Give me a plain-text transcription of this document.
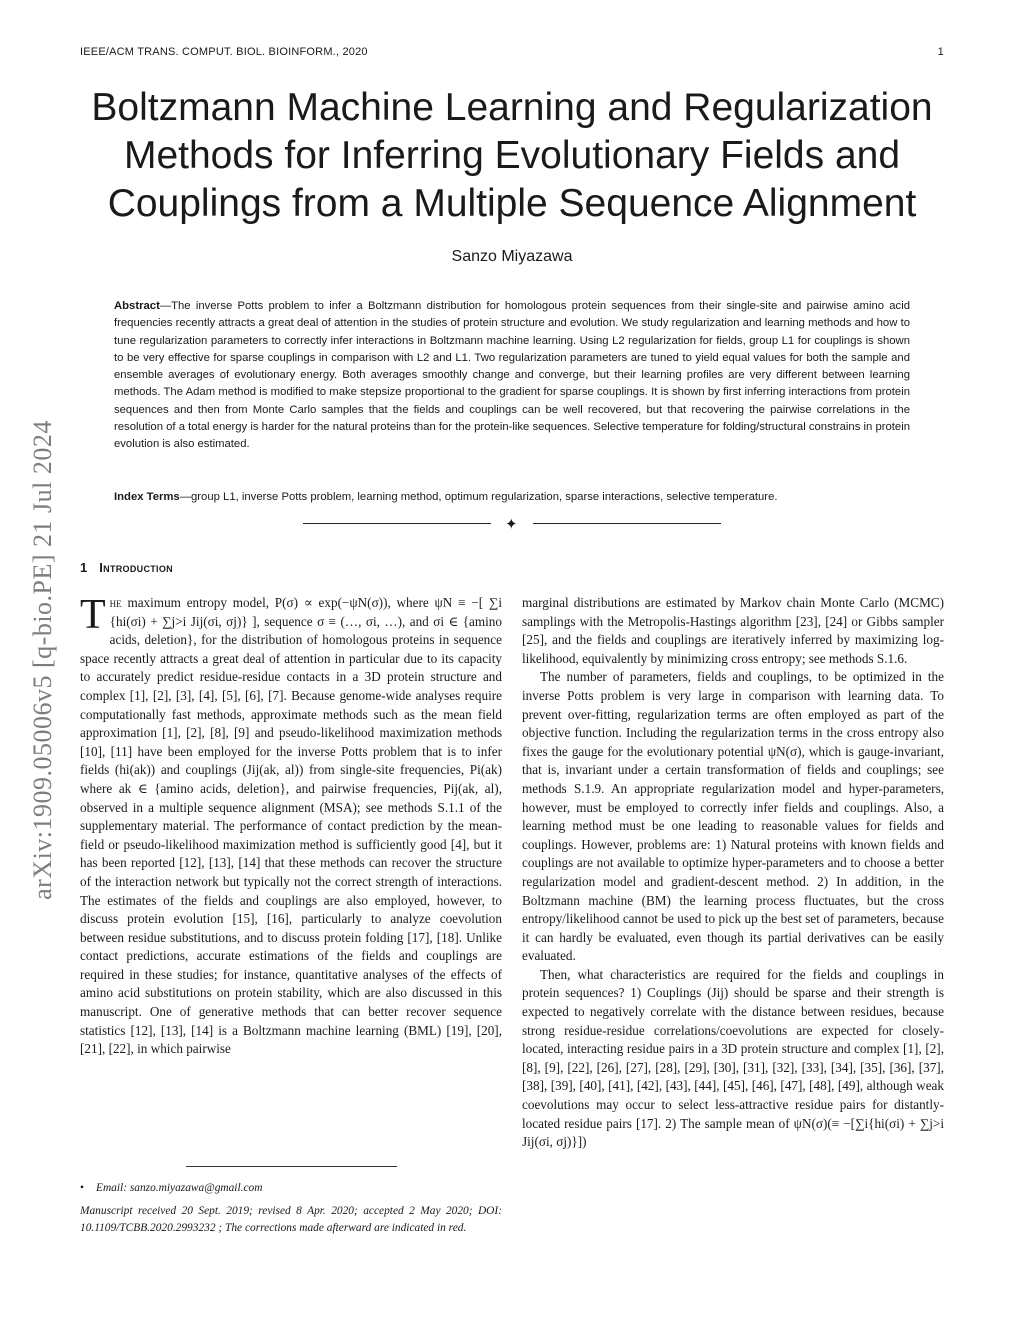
IEEE/ACM TRANS. COMPUT. BIOL. BIOINFORM., 2020	1
Boltzmann Machine Learning and Regularization
Methods for Inferring Evolutionary Fields and
Couplings from a Multiple Sequence Alignment
Sanzo Miyazawa
Abstract—The inverse Potts problem to infer a Boltzmann distribution for homologous protein sequences from their single-site and pairwise amino acid frequencies recently attracts a great deal of attention in the studies of protein structure and evolution. We study regularization and learning methods and how to tune regularization parameters to correctly infer interactions in Boltzmann machine learning. Using L2 regularization for fields, group L1 for couplings is shown to be very effective for sparse couplings in comparison with L2 and L1. Two regularization parameters are tuned to yield equal values for both the sample and ensemble averages of evolutionary energy. Both averages smoothly change and converge, but their learning profiles are very different between learning methods. The Adam method is modified to make stepsize proportional to the gradient for sparse couplings. It is shown by first inferring interactions from protein sequences and then from Monte Carlo samples that the fields and couplings can be well recovered, but that recovering the pairwise correlations in the resolution of a total energy is harder for the natural proteins than for the protein-like sequences. Selective temperature for folding/structural constrains in protein evolution is also estimated.
Index Terms—group L1, inverse Potts problem, learning method, optimum regularization, sparse interactions, selective temperature.
✦
arXiv:1909.05006v5 [q-bio.PE] 21 Jul 2024 1 Introduction

The maximum entropy model, P(σ) ∝ exp(−ψN(σ)), where ψN ≡ −[ ∑i {hi(σi) + ∑j>i Jij(σi, σj)} ], sequence σ ≡ (…, σi, …), and σi ∈ {amino acids, deletion}, for the distribution of homologous proteins in sequence space recently attracts a great deal of attention in particular due to its capacity to accurately predict residue-residue contacts in a 3D protein structure and complex [1], [2], [3], [4], [5], [6], [7]. Because genome-wide analyses require computationally fast methods, approximate methods such as the mean field approximation [1], [2], [8], [9] and pseudo-likelihood maximization methods [10], [11] have been employed for the inverse Potts problem that is to infer fields (hi(ak)) and couplings (Jij(ak, al)) from single-site frequencies, Pi(ak) where ak ∈ {amino acids, deletion}, and pairwise frequencies, Pij(ak, al), observed in a multiple sequence alignment (MSA); see methods S.1.1 of the supplementary material. The performance of contact prediction by the mean-field or pseudo-likelihood maximization method is sufficiently good [4], but it has been reported [12], [13], [14] that these methods can recover the structure of the interaction network but typically not the correct strength of interactions. The estimates of the fields and couplings are also employed, however, to discuss protein evolution [15], [16], particularly to analyze coevolution between residue substitutions, and to discuss protein folding [17], [18]. Unlike contact predictions, accurate estimations of the fields and couplings are required in these studies; for instance, quantitative analyses of the effects of amino acid substitutions on protein stability, which are also discussed in this manuscript. One of generative methods that can better recover sequence statistics [12], [13], [14] is a Boltzmann machine learning (BML) [19], [20], [21], [22], in which pairwise

marginal distributions are estimated by Markov chain Monte Carlo (MCMC) samplings with the Metropolis-Hastings algorithm [23], [24] or Gibbs sampler [25], and the fields and couplings are iteratively inferred by maximizing log-likelihood, equivalently by minimizing cross entropy; see methods S.1.6.

The number of parameters, fields and couplings, to be optimized in the inverse Potts problem is very large in comparison with learning data. To prevent over-fitting, regularization terms are often employed as part of the objective function. Including the regularization terms in the cross entropy also fixes the gauge for the evolutionary potential ψN(σ), which is gauge-invariant, that is, invariant under a certain transformation of fields and couplings; see methods S.1.9. An appropriate regularization model and hyper-parameters, however, must be employed to correctly infer fields and couplings. Also, a learning method must be one leading to reasonable values for fields and couplings. However, problems are: 1) Natural proteins with known fields and couplings are not available to optimize hyper-parameters and to choose a better regularization model and gradient-descent method. 2) In addition, in the Boltzmann machine (BM) the learning process fluctuates, but the cross entropy/likelihood cannot be used to pick up the best set of parameters, because it can hardly be evaluated, even though its partial derivatives can be easily evaluated.

Then, what characteristics are required for the fields and couplings in protein sequences? 1) Couplings (Jij) should be sparse and their strength is expected to negatively correlate with the distance between residues, because strong residue-residue correlations/coevolutions are expected for closely-located, interacting residue pairs in a 3D protein structure and complex [1], [2], [8], [9], [22], [26], [27], [28], [29], [30], [31], [32], [33], [34], [35], [36], [37], [38], [39], [40], [41], [42], [43], [44], [45], [46], [47], [48], [49], although weak coevolutions may occur to select less-attractive residue pairs for distantly-located residue pairs [17]. 2) The sample mean of ψN(σ)(≡ −[∑i{hi(σi) + ∑j>i Jij(σi, σj)}])

• Email: sanzo.miyazawa@gmail.com
Manuscript received 20 Sept. 2019; revised 8 Apr. 2020; accepted 2 May 2020; DOI: 10.1109/TCBB.2020.2993232 ; The corrections made afterward are indicated in red.
